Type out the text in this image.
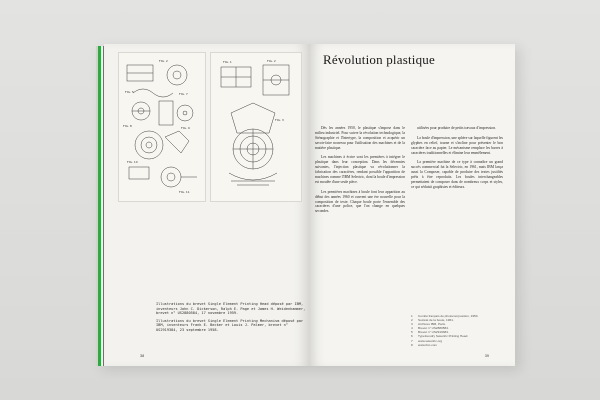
FIG. 2
FIG. 5	FIG. 7
FIG. 8	FIG. 9
FIG. 10
FIG. 11
FIG. 1	FIG. 2
FIG. 3

Illustrations du brevet Single Element Printing Head déposé par IBM, inventeurs John C. Dickerson, Ralph E. Page et James H. Weidenhammer, brevet n° US2880584, 17 novembre 1959.

Illustrations du brevet Single Element Printing Mechanism déposé par IBM, inventeurs Frank E. Becker et Louis J. Palmer, brevet n° US2919384, 23 septembre 1958.

38
Révolution plastique

Dès les années 1950, le plastique s'impose dans le milieu industriel. Pour suivre la révolution technologique, la Sténographie et l'Intertype, la composition et acquérir un savoir-faire nouveau pour l'utilisation des machines et de la matière plastique.

Les machines à écrire sont les premières à intégrer le plastique dans leur conception. Dans les décennies suivantes, l'injection plastique va révolutionner la fabrication des caractères, rendant possible l'apparition de machines comme l'IBM Selectric, dont la boule d'impression est moulée d'une seule pièce.

Les premières machines à boule font leur apparition au début des années 1960 et ouvrent une ère nouvelle pour la composition de texte. Chaque boule porte l'ensemble des caractères d'une police, que l'on change en quelques secondes.

utilisées pour produire de petits travaux d'impression.

La boule d'impression, une sphère sur laquelle figurent les glyphes en relief, tourne et s'incline pour présenter le bon caractère face au papier. Le mécanisme remplace les barres à caractères traditionnelles et élimine leur emmêlement.

La première machine de ce type à connaître un grand succès commercial fut la Selectric, en 1961, mais IBM lança aussi la Composer, capable de produire des textes justifiés prêts à être reproduits. Les boules interchangeables permettaient de composer dans de nombreux corps et styles, ce qui séduisit graphistes et éditeurs.

1	Comité français de photocomposition, 1950.
2	Société de la boule, 1961.
3	Archives IBM, Paris.
4	Brevet n° US2880584.
5	Brevet n° US2919384.
6	Typefoundry Selectric Printing Head.
7	www.selectric.org
8	www.ibm.com
39
